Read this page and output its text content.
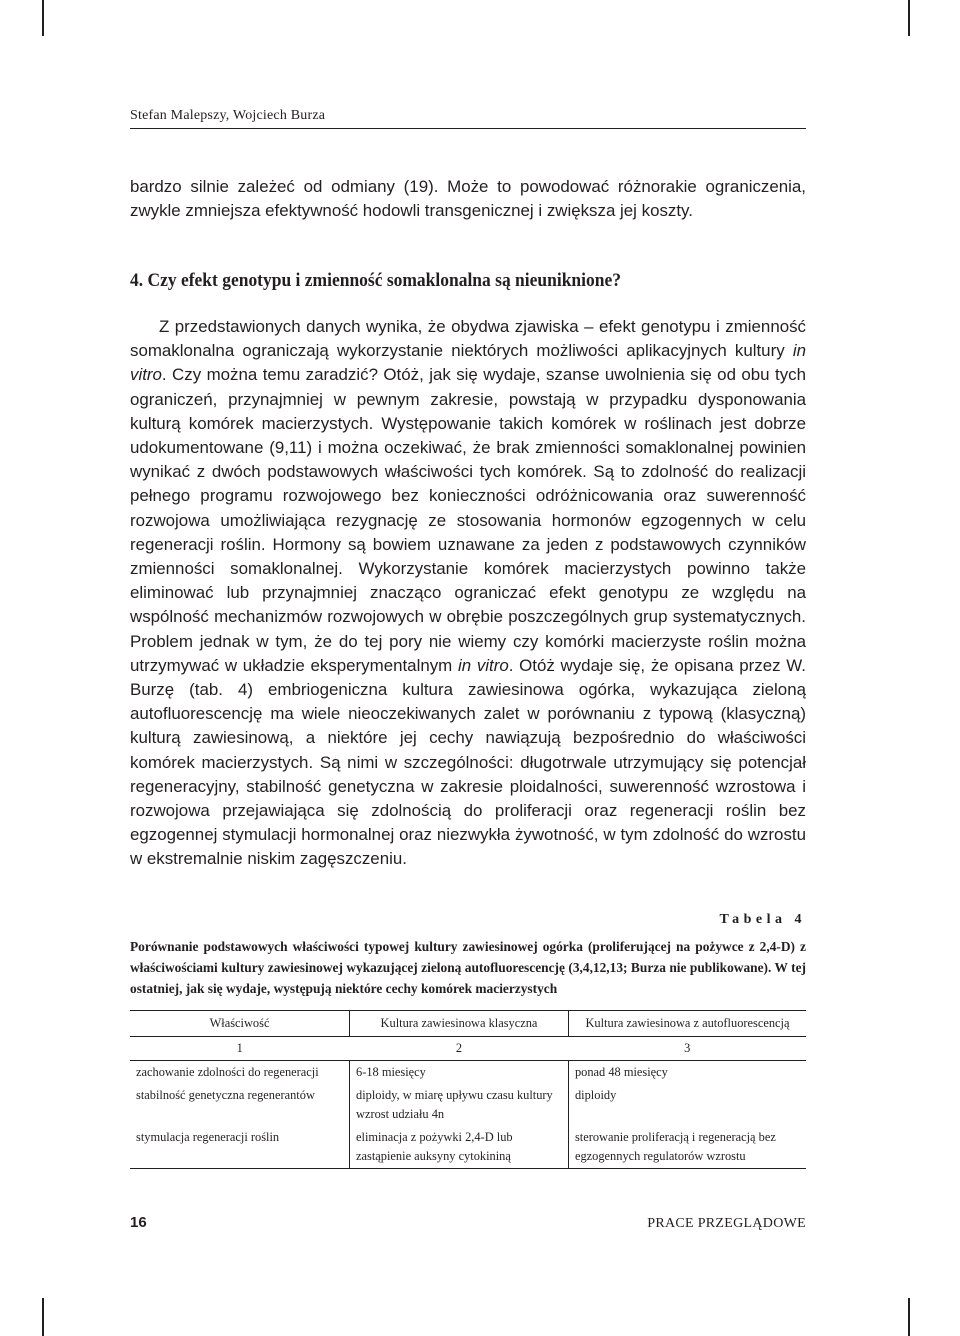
Stefan Malepszy, Wojciech Burza

bardzo silnie zależeć od odmiany (19). Może to powodować różnorakie ograniczenia, zwykle zmniejsza efektywność hodowli transgenicznej i zwiększa jej koszty.

4. Czy efekt genotypu i zmienność somaklonalna są nieuniknione?

Z przedstawionych danych wynika, że obydwa zjawiska – efekt genotypu i zmienność somaklonalna ograniczają wykorzystanie niektórych możliwości aplikacyjnych kultury in vitro. Czy można temu zaradzić? Otóż, jak się wydaje, szanse uwolnienia się od obu tych ograniczeń, przynajmniej w pewnym zakresie, powstają w przypadku dysponowania kulturą komórek macierzystych. Występowanie takich komórek w roślinach jest dobrze udokumentowane (9,11) i można oczekiwać, że brak zmienności somaklonalnej powinien wynikać z dwóch podstawowych właściwości tych komórek. Są to zdolność do realizacji pełnego programu rozwojowego bez konieczności odróżnicowania oraz suwerenność rozwojowa umożliwiająca rezygnację ze stosowania hormonów egzogennych w celu regeneracji roślin. Hormony są bowiem uznawane za jeden z podstawowych czynników zmienności somaklonalnej. Wykorzystanie komórek macierzystych powinno także eliminować lub przynajmniej znacząco ograniczać efekt genotypu ze względu na wspólność mechanizmów rozwojowych w obrębie poszczególnych grup systematycznych. Problem jednak w tym, że do tej pory nie wiemy czy komórki macierzyste roślin można utrzymywać w układzie eksperymentalnym in vitro. Otóż wydaje się, że opisana przez W. Burzę (tab. 4) embriogeniczna kultura zawiesinowa ogórka, wykazująca zieloną autofluorescencję ma wiele nieoczekiwanych zalet w porównaniu z typową (klasyczną) kulturą zawiesinową, a niektóre jej cechy nawiązują bezpośrednio do właściwości komórek macierzystych. Są nimi w szczególności: długotrwale utrzymujący się potencjał regeneracyjny, stabilność genetyczna w zakresie ploidalności, suwerenność wzrostowa i rozwojowa przejawiająca się zdolnością do proliferacji oraz regeneracji roślin bez egzogennej stymulacji hormonalnej oraz niezwykła żywotność, w tym zdolność do wzrostu w ekstremalnie niskim zagęszczeniu.

Tabela 4

Porównanie podstawowych właściwości typowej kultury zawiesinowej ogórka (proliferującej na pożywce z 2,4-D) z właściwościami kultury zawiesinowej wykazującej zieloną autofluorescencję (3,4,12,13; Burza nie publikowane). W tej ostatniej, jak się wydaje, występują niektóre cechy komórek macierzystych

Właściwość	Kultura zawiesinowa klasyczna	Kultura zawiesinowa z autofluorescencją
1	2	3
zachowanie zdolności do regeneracji	6-18 miesięcy	ponad 48 miesięcy
stabilność genetyczna regenerantów	diploidy, w miarę upływu czasu kultury wzrost udziału 4n	diploidy
stymulacja regeneracji roślin	eliminacja z pożywki 2,4-D lub zastąpienie auksyny cytokininą	sterowanie proliferacją i regeneracją bez egzogennych regulatorów wzrostu
16	PRACE PRZEGLĄDOWE
